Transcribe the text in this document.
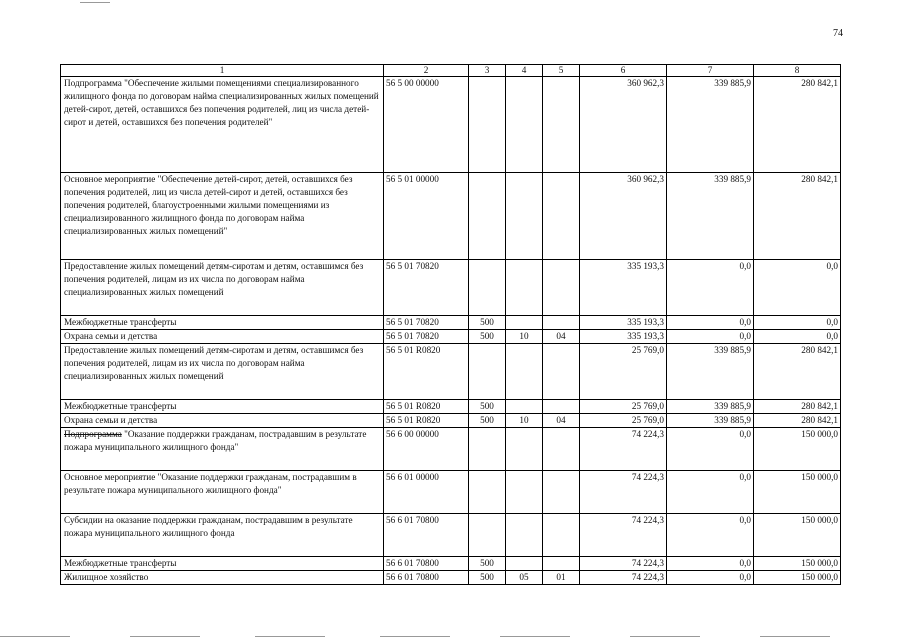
74
1	2	3	4	5	6	7	8
Подпрограмма "Обеспечение жилыми помещениями специализированного жилищного фонда по договорам найма специализированных жилых помещений детей-сирот, детей, оставшихся без попечения родителей, лиц из числа детей-сирот и детей, оставшихся без попечения родителей"	56 5 00 00000				360 962,3	339 885,9	280 842,1
Основное мероприятие "Обеспечение детей-сирот, детей, оставшихся без попечения родителей, лиц из числа детей-сирот и детей, оставшихся без попечения родителей, благоустроенными жилыми помещениями из специализированного жилищного фонда по договорам найма специализированных жилых помещений"	56 5 01 00000				360 962,3	339 885,9	280 842,1
Предоставление жилых помещений детям-сиротам и детям, оставшимся без попечения родителей, лицам из их числа по договорам найма специализированных жилых помещений	56 5 01 70820				335 193,3	0,0	0,0
Межбюджетные трансферты	56 5 01 70820	500			335 193,3	0,0	0,0
Охрана семьи и детства	56 5 01 70820	500	10	04	335 193,3	0,0	0,0
Предоставление жилых помещений детям-сиротам и детям, оставшимся без попечения родителей, лицам из их числа по договорам найма специализированных жилых помещений	56 5 01 R0820				25 769,0	339 885,9	280 842,1
Межбюджетные трансферты	56 5 01 R0820	500			25 769,0	339 885,9	280 842,1
Охрана семьи и детства	56 5 01 R0820	500	10	04	25 769,0	339 885,9	280 842,1
Подпрограмма "Оказание поддержки гражданам, пострадавшим в результате пожара муниципального жилищного фонда"	56 6 00 00000				74 224,3	0,0	150 000,0
Основное мероприятие "Оказание поддержки гражданам, пострадавшим в результате пожара муниципального жилищного фонда"	56 6 01 00000				74 224,3	0,0	150 000,0
Субсидии на оказание поддержки гражданам, пострадавшим в результате пожара муниципального жилищного фонда	56 6 01 70800				74 224,3	0,0	150 000,0
Межбюджетные трансферты	56 6 01 70800	500			74 224,3	0,0	150 000,0
Жилищное хозяйство	56 6 01 70800	500	05	01	74 224,3	0,0	150 000,0
